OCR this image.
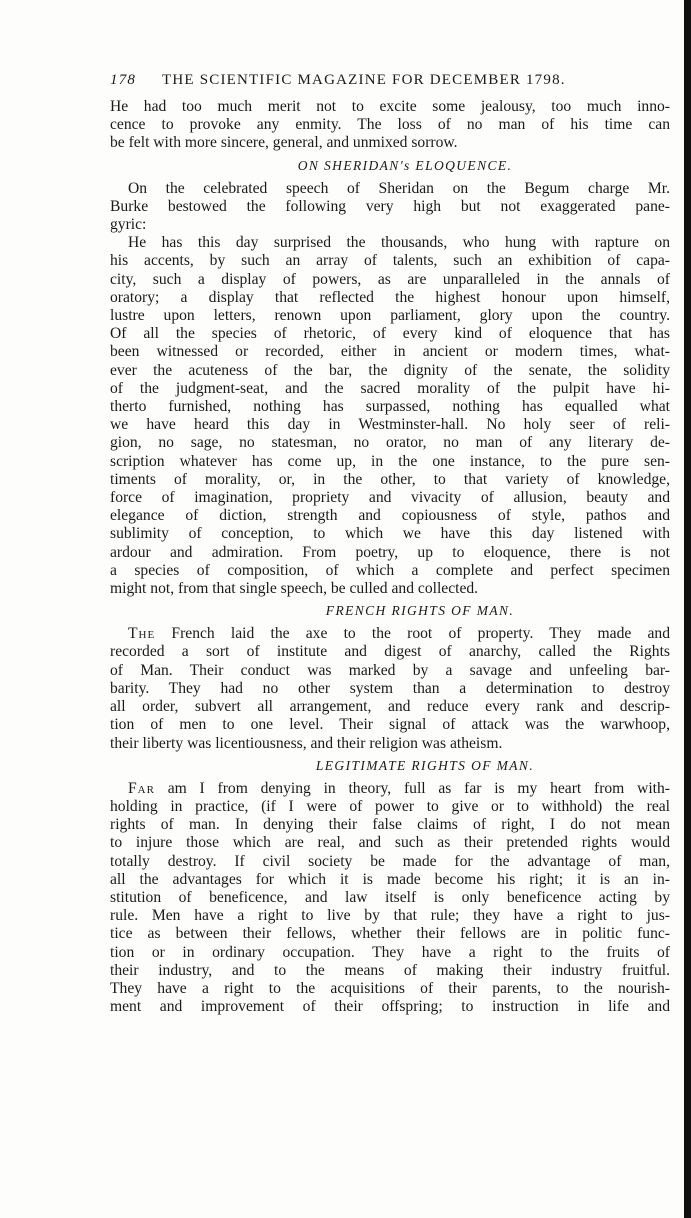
178 THE SCIENTIFIC MAGAZINE FOR DECEMBER 1798.
He had too much merit not to excite some jealousy, too much inno-
cence to provoke any enmity. The loss of no man of his time can
be felt with more sincere, general, and unmixed sorrow.
ON SHERIDAN's ELOQUENCE.
On the celebrated speech of Sheridan on the Begum charge Mr.
Burke bestowed the following very high but not exaggerated pane-
gyric:
He has this day surprised the thousands, who hung with rapture on
his accents, by such an array of talents, such an exhibition of capa-
city, such a display of powers, as are unparalleled in the annals of
oratory; a display that reflected the highest honour upon himself,
lustre upon letters, renown upon parliament, glory upon the country.
Of all the species of rhetoric, of every kind of eloquence that has
been witnessed or recorded, either in ancient or modern times, what-
ever the acuteness of the bar, the dignity of the senate, the solidity
of the judgment-seat, and the sacred morality of the pulpit have hi-
therto furnished, nothing has surpassed, nothing has equalled what
we have heard this day in Westminster-hall. No holy seer of reli-
gion, no sage, no statesman, no orator, no man of any literary de-
scription whatever has come up, in the one instance, to the pure sen-
timents of morality, or, in the other, to that variety of knowledge,
force of imagination, propriety and vivacity of allusion, beauty and
elegance of diction, strength and copiousness of style, pathos and
sublimity of conception, to which we have this day listened with
ardour and admiration. From poetry, up to eloquence, there is not
a species of composition, of which a complete and perfect specimen
might not, from that single speech, be culled and collected.
FRENCH RIGHTS OF MAN.
The French laid the axe to the root of property. They made and
recorded a sort of institute and digest of anarchy, called the Rights
of Man. Their conduct was marked by a savage and unfeeling bar-
barity. They had no other system than a determination to destroy
all order, subvert all arrangement, and reduce every rank and descrip-
tion of men to one level. Their signal of attack was the warwhoop,
their liberty was licentiousness, and their religion was atheism.
LEGITIMATE RIGHTS OF MAN.
Far am I from denying in theory, full as far is my heart from with-
holding in practice, (if I were of power to give or to withhold) the real
rights of man. In denying their false claims of right, I do not mean
to injure those which are real, and such as their pretended rights would
totally destroy. If civil society be made for the advantage of man,
all the advantages for which it is made become his right; it is an in-
stitution of beneficence, and law itself is only beneficence acting by
rule. Men have a right to live by that rule; they have a right to jus-
tice as between their fellows, whether their fellows are in politic func-
tion or in ordinary occupation. They have a right to the fruits of
their industry, and to the means of making their industry fruitful.
They have a right to the acquisitions of their parents, to the nourish-
ment and improvement of their offspring; to instruction in life and
